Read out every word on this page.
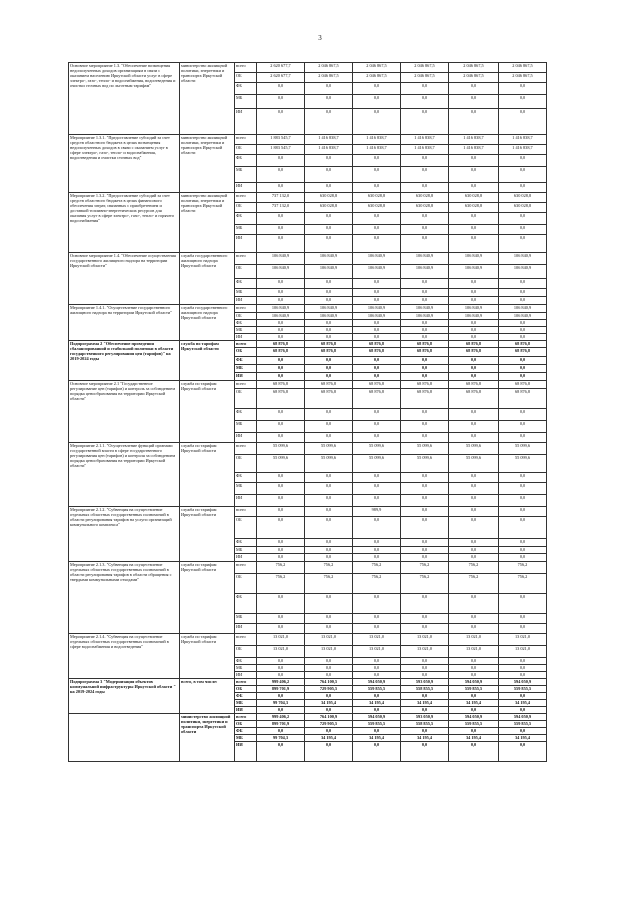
3
Основное мероприятие 1.3. "Обеспечение возмещения недополученных доходов организациям в связи с оказанием населению Иркутской области услуг в сфере электро-, газо-, тепло- и водоснабжения, водоотведения и очистки сточных вод по льготным тарифам"	министерство жилищной политики, энергетики и транспорта Иркутской области	всего	2 620 677,7	2 046 867,5	2 046 867,5	2 046 867,5	2 046 867,5	2 046 867,5
		ОБ	2 620 677,7	2 046 867,5	2 046 867,5	2 046 867,5	2 046 867,5	2 046 867,5
		ФБ	0,0	0,0	0,0	0,0	0,0	0,0
		МБ	0,0	0,0	0,0	0,0	0,0	0,0
		ИИ	0,0	0,0	0,0	0,0	0,0	0,0
Мероприятие 1.3.1. "Предоставление субсидий за счет средств областного бюджета в целях возмещения недополученных доходов в связи с оказанием услуг в сфере электро-, газо-, тепло- и водоснабжения, водоотведения и очистки сточных вод"	министерство жилищной политики, энергетики и транспорта Иркутской области	всего	1 883 545,7	1 416 838,7	1 416 838,7	1 416 838,7	1 416 838,7	1 416 838,7
		ОБ	1 883 545,7	1 416 838,7	1 416 838,7	1 416 838,7	1 416 838,7	1 416 838,7
		ФБ	0,0	0,0	0,0	0,0	0,0	0,0
		МБ	0,0	0,0	0,0	0,0	0,0	0,0
		ИИ	0,0	0,0	0,0	0,0	0,0	0,0
Мероприятие 1.3.2. "Предоставление субсидий за счет средств областного бюджета в целях финансового обеспечения затрат, связанных с приобретением и доставкой топливно-энергетических ресурсов для оказания услуг в сфере электро-, газо-, тепло- и горячего водоснабжения"	министерство жилищной политики, энергетики и транспорта Иркутской области	всего	737 132,0	630 028,8	630 028,8	630 028,8	630 028,8	630 028,8
		ОБ	737 132,0	630 028,8	630 028,8	630 028,8	630 028,8	630 028,8
		ФБ	0,0	0,0	0,0	0,0	0,0	0,0
		МБ	0,0	0,0	0,0	0,0	0,0	0,0
		ИИ	0,0	0,0	0,0	0,0	0,0	0,0
Основное мероприятие 1.4. "Обеспечение осуществления государственного жилищного надзора на территории Иркутской области"	служба государственного жилищного надзора Иркутской области	всего	106 840,9	106 840,9	106 840,9	106 840,9	106 840,9	106 840,9
		ОБ	106 840,9	106 840,9	106 840,9	106 840,9	106 840,9	106 840,9
		ФБ	0,0	0,0	0,0	0,0	0,0	0,0
		МБ	0,0	0,0	0,0	0,0	0,0	0,0
		ИИ	0,0	0,0	0,0	0,0	0,0	0,0
Мероприятие 1.4.1. "Осуществление государственного жилищного надзора на территории Иркутской области"	служба государственного жилищного надзора Иркутской области	всего	106 840,9	106 840,9	106 840,9	106 840,9	106 840,9	106 840,9
		ОБ	106 840,9	106 840,9	106 840,9	106 840,9	106 840,9	106 840,9
		ФБ	0,0	0,0	0,0	0,0	0,0	0,0
		МБ	0,0	0,0	0,0	0,0	0,0	0,0
		ИИ	0,0	0,0	0,0	0,0	0,0	0,0
Подпрограмма 2 "Обеспечение проведения сбалансированной и стабильной политики в области государственного регулирования цен (тарифов)" на 2019-2024 годы	служба по тарифам Иркутской области	всего	68 876,8	68 876,8	68 876,8	68 876,8	68 876,8	68 876,8
		ОБ	68 876,8	68 876,8	68 876,8	68 876,8	68 876,8	68 876,8
		ФБ	0,0	0,0	0,0	0,0	0,0	0,0
		МБ	0,0	0,0	0,0	0,0	0,0	0,0
		ИИ	0,0	0,0	0,0	0,0	0,0	0,0
Основное мероприятие 2.1 "Государственное регулирование цен (тарифов) и контроль за соблюдением порядка ценообразования на территории Иркутской области"	служба по тарифам Иркутской области	всего	68 876,8	68 876,8	68 876,8	68 876,8	68 876,8	68 876,8
		ОБ	68 876,8	68 876,8	68 876,8	68 876,8	68 876,8	68 876,8
		ФБ	0,0	0,0	0,0	0,0	0,0	0,0
		МБ	0,0	0,0	0,0	0,0	0,0	0,0
		ИИ	0,0	0,0	0,0	0,0	0,0	0,0
Мероприятие 2.1.1. "Осуществление функций органами государственной власти в сфере государственного регулирования цен (тарифов) и контроля за соблюдением порядка ценообразования на территории Иркутской области"	служба по тарифам Иркутской области	всего	55 099,6	55 099,6	55 099,6	55 099,6	55 099,6	55 099,6
		ОБ	55 099,6	55 099,6	55 099,6	55 099,6	55 099,6	55 099,6
		ФБ	0,0	0,0	0,0	0,0	0,0	0,0
		МБ	0,0	0,0	0,0	0,0	0,0	0,0
		ИИ	0,0	0,0	0,0	0,0	0,0	0,0
Мероприятие 2.1.2. "Субвенция на осуществление отдельных областных государственных полномочий в области регулирования тарифов на услуги организаций коммунального комплекса"	служба по тарифам Иркутской области	всего	0,0	0,0	989,9	0,0	0,0	0,0
		ОБ	0,0	0,0	0,0	0,0	0,0	0,0
		ФБ	0,0	0,0	0,0	0,0	0,0	0,0
		МБ	0,0	0,0	0,0	0,0	0,0	0,0
		ИИ	0,0	0,0	0,0	0,0	0,0	0,0
Мероприятие 2.1.3. "Субвенция на осуществление отдельных областных государственных полномочий в области регулирования тарифов в области обращения с твердыми коммунальными отходами"	служба по тарифам Иркутской области	всего	756,2	756,2	756,2	756,2	756,2	756,2
		ОБ	756,2	756,2	756,2	756,2	756,2	756,2
		ФБ	0,0	0,0	0,0	0,0	0,0	0,0
		МБ	0,0	0,0	0,0	0,0	0,0	0,0
		ИИ	0,0	0,0	0,0	0,0	0,0	0,0
Мероприятие 2.1.4. "Субвенция на осуществление отдельных областных государственных полномочий в сфере водоснабжения и водоотведения"	служба по тарифам Иркутской области	всего	13 021,0	13 021,0	13 021,0	13 021,0	13 021,0	13 021,0
		ОБ	13 021,0	13 021,0	13 021,0	13 021,0	13 021,0	13 021,0
		ФБ	0,0	0,0	0,0	0,0	0,0	0,0
		МБ	0,0	0,0	0,0	0,0	0,0	0,0
		ИИ	0,0	0,0	0,0	0,0	0,0	0,0
Подпрограмма 3 "Модернизация объектов коммунальной инфраструктуры Иркутской области " на 2019-2024 годы	всего, в том числе:	всего	999 406,2	764 100,5	594 050,9	593 050,9	594 050,9	594 050,9
		ОБ	899 701,9	729 905,5	559 855,5	558 855,5	559 855,5	559 855,5
		ФБ	0,0	0,0	0,0	0,0	0,0	0,0
		МБ	99 704,3	34 195,4	34 195,4	34 195,4	34 195,4	34 195,4
		ИИ	0,0	0,0	0,0	0,0	0,0	0,0
	министерство жилищной политики, энергетики и транспорта Иркутской области	всего	999 406,2	764 100,9	594 050,9	593 050,9	594 050,9	594 050,9
		ОБ	899 701,9	729 905,5	559 855,5	558 855,5	559 855,5	559 855,5
		ФБ	0,0	0,0	0,0	0,0	0,0	0,0
		МБ	99 704,3	34 195,4	34 195,4	34 195,4	34 195,4	34 195,4
		ИИ	0,0	0,0	0,0	0,0	0,0	0,0
